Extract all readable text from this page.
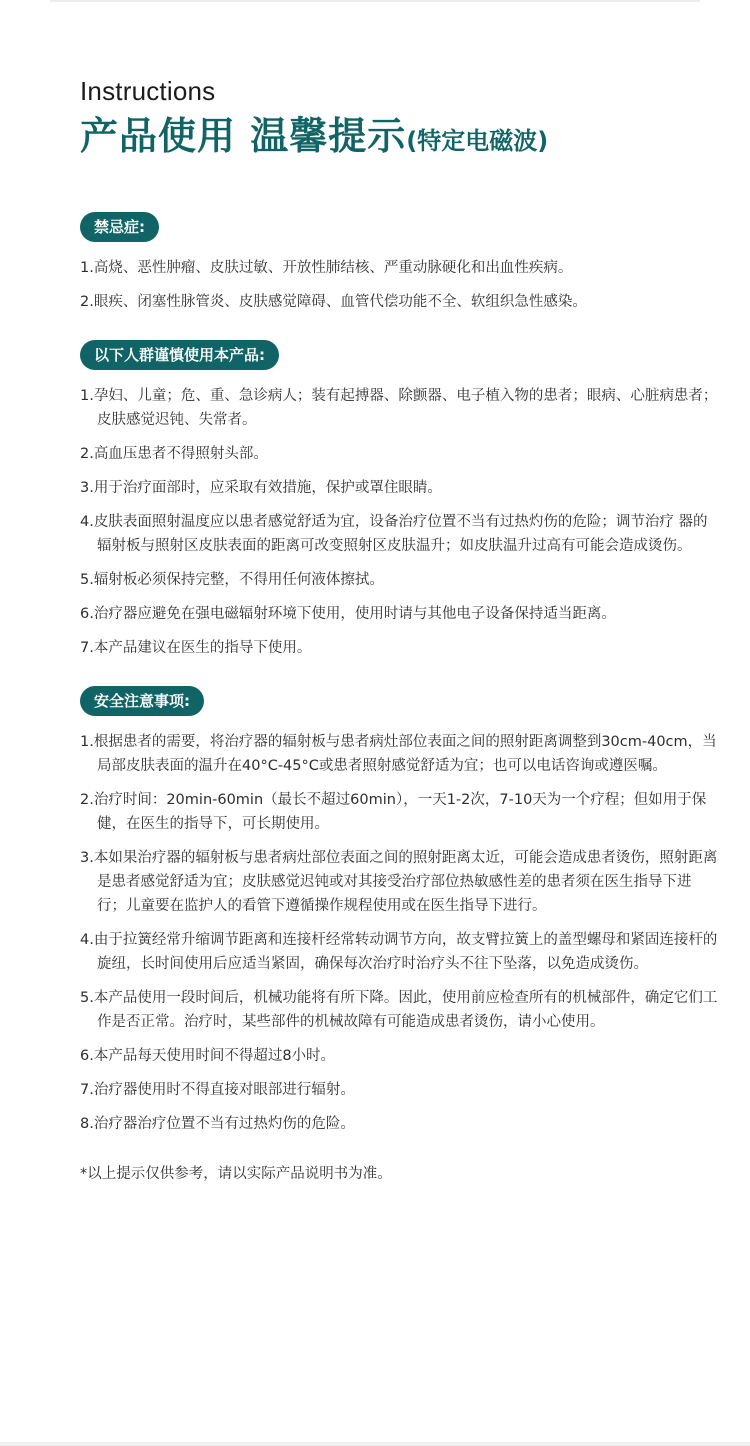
Instructions
产品使用 温馨提示(特定电磁波)
禁忌症:
1.高烧、恶性肿瘤、皮肤过敏、开放性肺结核、严重动脉硬化和出血性疾病。
2.眼疾、闭塞性脉管炎、皮肤感觉障碍、血管代偿功能不全、软组织急性感染。
以下人群谨慎使用本产品:
1.孕妇、儿童；危、重、急诊病人；装有起搏器、除颤器、电子植入物的患者；眼病、心脏病患者；皮肤感觉迟钝、失常者。
2.高血压患者不得照射头部。
3.用于治疗面部时，应采取有效措施，保护或罩住眼睛。
4.皮肤表面照射温度应以患者感觉舒适为宜，设备治疗位置不当有过热灼伤的危险；调节治疗 器的辐射板与照射区皮肤表面的距离可改变照射区皮肤温升；如皮肤温升过高有可能会造成烫伤。
5.辐射板必须保持完整，不得用任何液体擦拭。
6.治疗器应避免在强电磁辐射环境下使用，使用时请与其他电子设备保持适当距离。
7.本产品建议在医生的指导下使用。
安全注意事项:
1.根据患者的需要，将治疗器的辐射板与患者病灶部位表面之间的照射距离调整到30cm-40cm，当局部皮肤表面的温升在40°C-45°C或患者照射感觉舒适为宜；也可以电话咨询或遵医嘱。
2.治疗时间：20min-60min（最长不超过60min），一天1-2次，7-10天为一个疗程；但如用于保健，在医生的指导下，可长期使用。
3.本如果治疗器的辐射板与患者病灶部位表面之间的照射距离太近，可能会造成患者烫伤，照射距离是患者感觉舒适为宜；皮肤感觉迟钝或对其接受治疗部位热敏感性差的患者须在医生指导下进行；儿童要在监护人的看管下遵循操作规程使用或在医生指导下进行。
4.由于拉簧经常升缩调节距离和连接杆经常转动调节方向，故支臂拉簧上的盖型螺母和紧固连接杆的旋纽，长时间使用后应适当紧固，确保每次治疗时治疗头不往下坠落，以免造成烫伤。
5.本产品使用一段时间后，机械功能将有所下降。因此，使用前应检查所有的机械部件，确定它们工作是否正常。治疗时，某些部件的机械故障有可能造成患者烫伤，请小心使用。
6.本产品每天使用时间不得超过8小时。
7.治疗器使用时不得直接对眼部进行辐射。
8.治疗器治疗位置不当有过热灼伤的危险。
*以上提示仅供参考，请以实际产品说明书为准。
